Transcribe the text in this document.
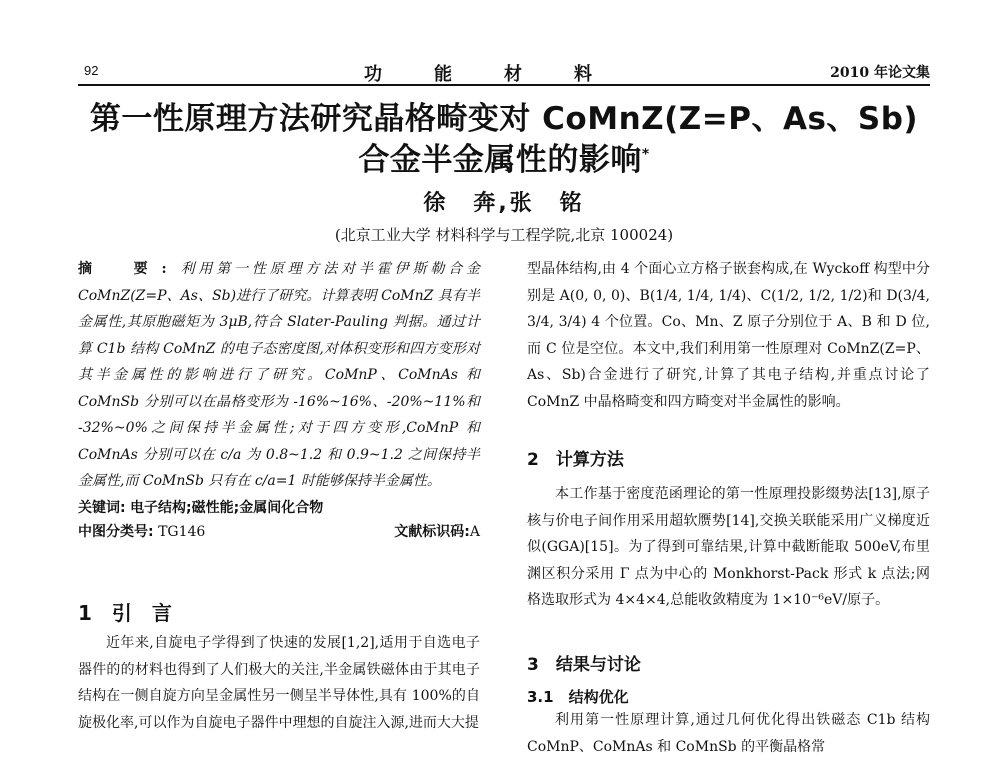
92	功能材料	2010 年论文集
第一性原理方法研究晶格畸变对 CoMnZ(Z=P、As、Sb)
合金半金属性的影响*
徐　奔,张　铭
(北京工业大学 材料科学与工程学院,北京 100024)
摘　要:利用第一性原理方法对半霍伊斯勒合金 CoMnZ(Z=P、As、Sb)进行了研究。计算表明 CoMnZ 具有半金属性,其原胞磁矩为 3μB,符合 Slater-Pauling 判据。通过计算 C1b 结构 CoMnZ 的电子态密度图,对体积变形和四方变形对其半金属性的影响进行了研究。CoMnP、CoMnAs 和 CoMnSb 分别可以在晶格变形为 -16%~16%、-20%~11%和 -32%~0%之间保持半金属性;对于四方变形,CoMnP 和 CoMnAs 分别可以在 c/a 为 0.8~1.2 和 0.9~1.2 之间保持半金属性,而 CoMnSb 只有在 c/a=1 时能够保持半金属性。
关键词: 电子结构;磁性能;金属间化合物
中图分类号: TG146	文献标识码:A
1　引　言
近年来,自旋电子学得到了快速的发展[1,2],适用于自选电子器件的的材料也得到了人们极大的关注,半金属铁磁体由于其电子结构在一侧自旋方向呈金属性另一侧呈半导体性,具有 100%的自旋极化率,可以作为自旋电子器件中理想的自旋注入源,进而大大提
型晶体结构,由 4 个面心立方格子嵌套构成,在 Wyckoff 构型中分别是 A(0, 0, 0)、B(1/4, 1/4, 1/4)、C(1/2, 1/2, 1/2)和 D(3/4, 3/4, 3/4) 4 个位置。Co、Mn、Z 原子分别位于 A、B 和 D 位,而 C 位是空位。本文中,我们利用第一性原理对 CoMnZ(Z=P、As、Sb)合金进行了研究,计算了其电子结构,并重点讨论了 CoMnZ 中晶格畸变和四方畸变对半金属性的影响。
2　计算方法
本工作基于密度范函理论的第一性原理投影缀势法[13],原子核与价电子间作用采用超软赝势[14],交换关联能采用广义梯度近似(GGA)[15]。为了得到可靠结果,计算中截断能取 500eV,布里渊区积分采用 Γ 点为中心的 Monkhorst-Pack 形式 k 点法;网格选取形式为 4×4×4,总能收敛精度为 1×10⁻⁶eV/原子。
3　结果与讨论
3.1　结构优化
利用第一性原理计算,通过几何优化得出铁磁态 C1b 结构 CoMnP、CoMnAs 和 CoMnSb 的平衡晶格常
